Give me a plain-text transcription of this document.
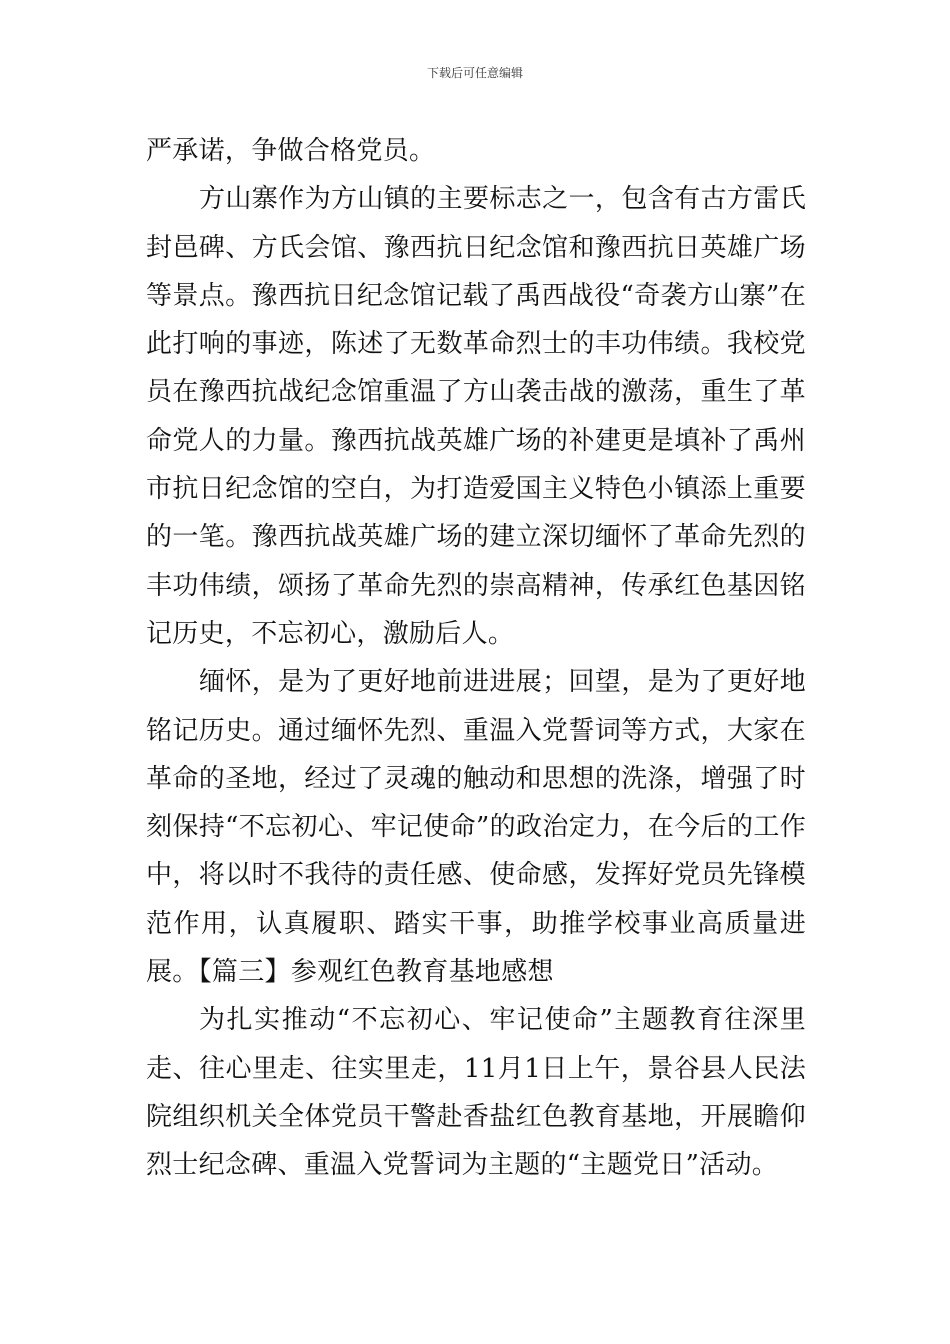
下载后可任意编辑

严承诺，争做合格党员。

方山寨作为方山镇的主要标志之一，包含有古方雷氏封邑碑、方氏会馆、豫西抗日纪念馆和豫西抗日英雄广场等景点。豫西抗日纪念馆记载了禹西战役“奇袭方山寨”在此打响的事迹，陈述了无数革命烈士的丰功伟绩。我校党员在豫西抗战纪念馆重温了方山袭击战的激荡，重生了革命党人的力量。豫西抗战英雄广场的补建更是填补了禹州市抗日纪念馆的空白，为打造爱国主义特色小镇添上重要的一笔。豫西抗战英雄广场的建立深切缅怀了革命先烈的丰功伟绩，颂扬了革命先烈的崇高精神，传承红色基因铭记历史，不忘初心，激励后人。

缅怀，是为了更好地前进进展；回望，是为了更好地铭记历史。通过缅怀先烈、重温入党誓词等方式，大家在革命的圣地，经过了灵魂的触动和思想的洗涤，增强了时刻保持“不忘初心、牢记使命”的政治定力，在今后的工作中，将以时不我待的责任感、使命感，发挥好党员先锋模范作用，认真履职、踏实干事，助推学校事业高质量进展。【篇三】参观红色教育基地感想

为扎实推动“不忘初心、牢记使命”主题教育往深里走、往心里走、往实里走，11月1日上午，景谷县人民法院组织机关全体党员干警赴香盐红色教育基地，开展瞻仰烈士纪念碑、重温入党誓词为主题的“主题党日”活动。
